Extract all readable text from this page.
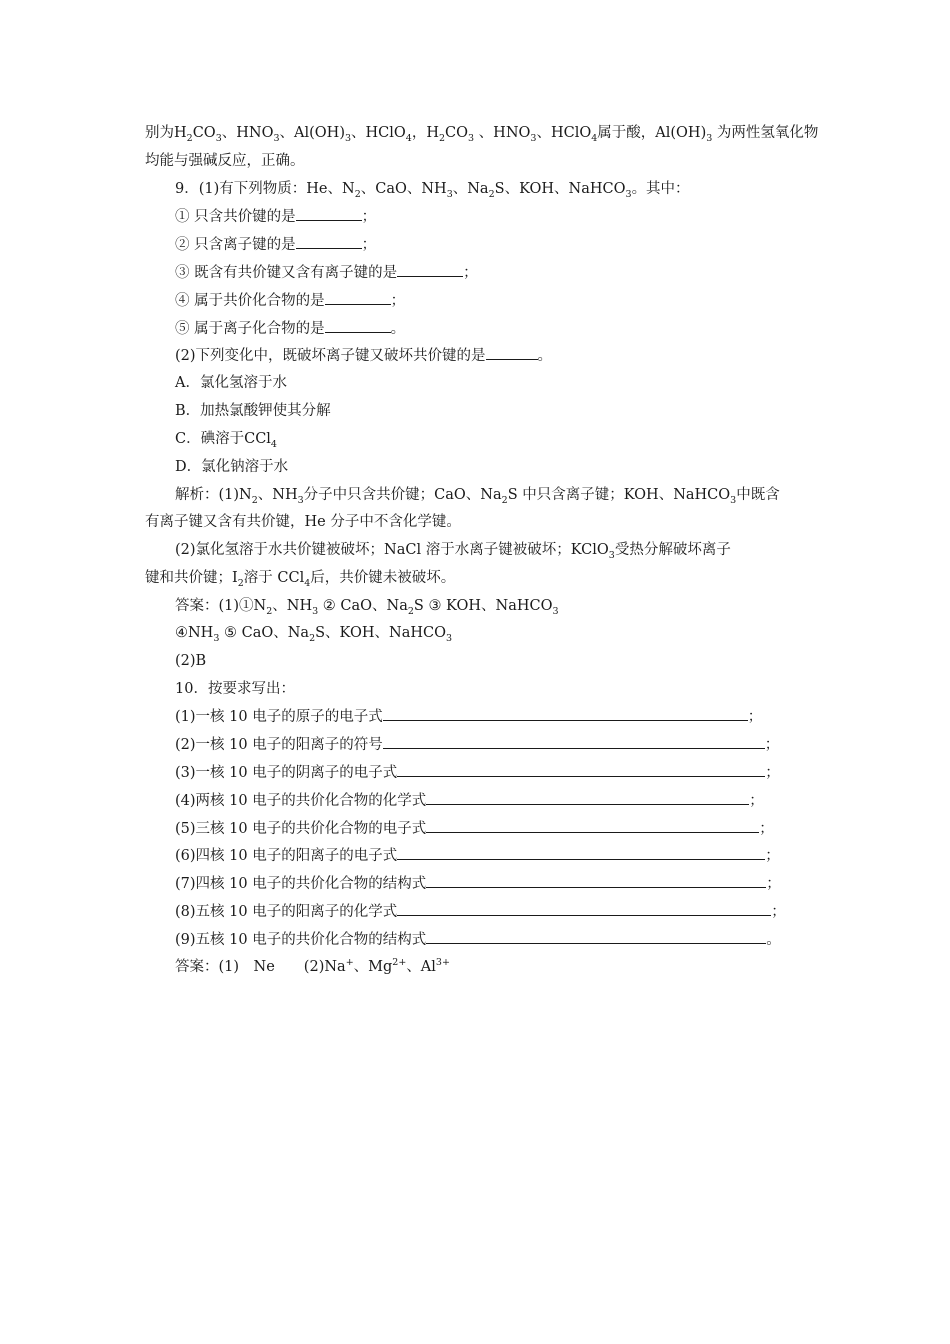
别为$H_2CO_3$、$HNO_3$、$Al(OH)_3$、HClO$_4$，$H_2CO_3$ 、$HNO_3$、HClO$_4$属于酸，$Al(OH)_3$ 为两性氢氧化物
均能与强碱反应，正确。
9．(1)有下列物质：He、$N_2$、CaO、$NH_3$、$Na_2S$、KOH、NaHCO$_3$。其中：
① 只含共价键的是	；
② 只含离子键的是	；
③ 既含有共价键又含有离子键的是	；
④ 属于共价化合物的是	；
⑤ 属于离子化合物的是	。
(2)下列变化中，既破坏离子键又破坏共价键的是	。
A．氯化氢溶于水
B．加热氯酸钾使其分解
C．碘溶于CCl$_4$
D．氯化钠溶于水
解析：$(1)N_2$、$NH_3$分子中只含共价键；CaO、$Na_2S$ 中只含离子键；KOH、NaHCO$_3$中既含
有离子键又含有共价键，He 分子中不含化学键。
(2)氯化氢溶于水共价键被破坏；NaCl 溶于水离子键被破坏；KClO$_3$受热分解破坏离子
键和共价键；$I_2$溶于 CCl$_4$后，共价键未被破坏。
答案：$(1)①N_2$、$NH_3$ ② CaO、$Na_2S$ ③ KOH、NaHCO$_3$
$④NH_3$ ⑤ CaO、$Na_2S$、KOH、NaHCO$_3$
(2)B
10．按要求写出：
(1)一核 10 电子的原子的电子式	；
(2)一核 10 电子的阳离子的符号	；
(3)一核 10 电子的阴离子的电子式	；
(4)两核 10 电子的共价化合物的化学式	；
(5)三核 10 电子的共价化合物的电子式	；
(6)四核 10 电子的阳离子的电子式	；
(7)四核 10 电子的共价化合物的结构式	；
(8)五核 10 电子的阳离子的化学式	；
(9)五核 10 电子的共价化合物的结构式	。
答案：(1)　Ne　　(2)Na+、$Mg^{2+}$、$Al^{3+}$
